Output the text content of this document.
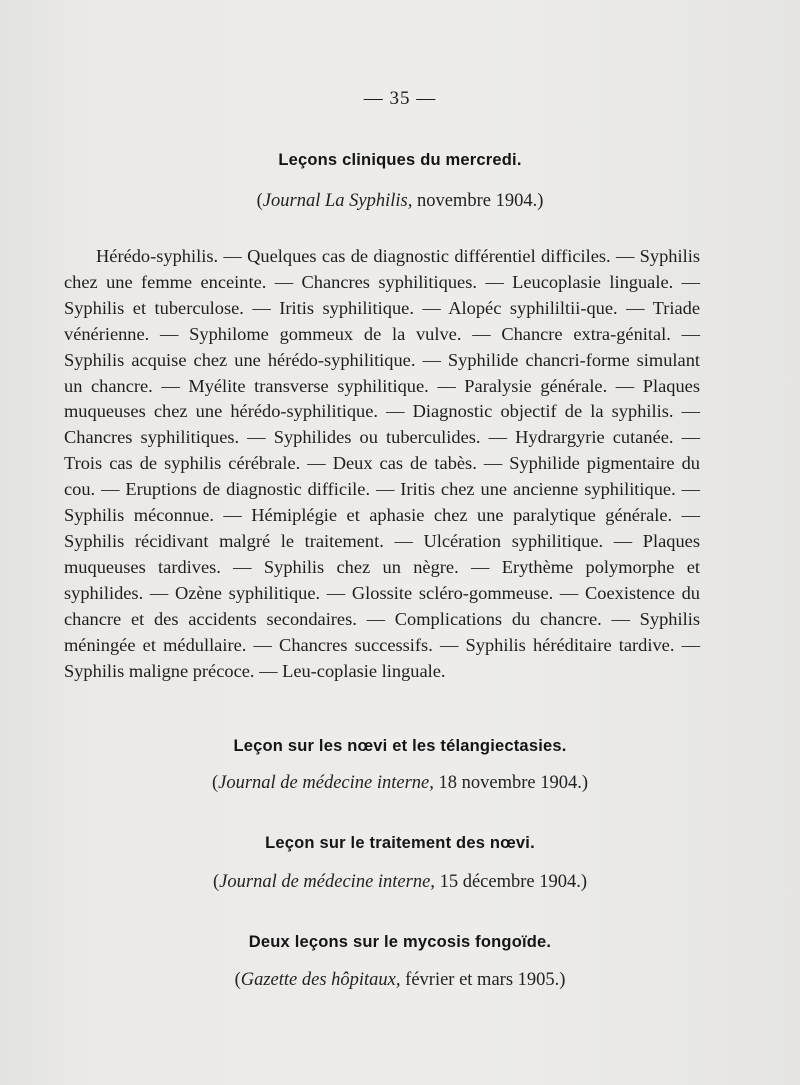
— 35 —
Leçons cliniques du mercredi.
(Journal La Syphilis, novembre 1904.)

Hérédo-syphilis. — Quelques cas de diagnostic différentiel difficiles. — Syphilis chez une femme enceinte. — Chancres syphilitiques. — Leucoplasie linguale. — Syphilis et tuberculose. — Iritis syphilitique. — Alopéc syphililtii-que. — Triade vénérienne. — Syphilome gommeux de la vulve. — Chancre extra-génital. — Syphilis acquise chez une hérédo-syphilitique. — Syphilide chancri-forme simulant un chancre. — Myélite transverse syphilitique. — Paralysie générale. — Plaques muqueuses chez une hérédo-syphilitique. — Diagnostic objectif de la syphilis. — Chancres syphilitiques. — Syphilides ou tuberculides. — Hydrargyrie cutanée. — Trois cas de syphilis cérébrale. — Deux cas de tabès. — Syphilide pigmentaire du cou. — Eruptions de diagnostic difficile. — Iritis chez une ancienne syphilitique. — Syphilis méconnue. — Hémiplégie et aphasie chez une paralytique générale. — Syphilis récidivant malgré le traitement. — Ulcération syphilitique. — Plaques muqueuses tardives. — Syphilis chez un nègre. — Erythème polymorphe et syphilides. — Ozène syphilitique. — Glossite scléro-gommeuse. — Coexistence du chancre et des accidents secondaires. — Complications du chancre. — Syphilis méningée et médullaire. — Chancres successifs. — Syphilis héréditaire tardive. — Syphilis maligne précoce. — Leu-coplasie linguale.

Leçon sur les nœvi et les télangiectasies.
(Journal de médecine interne, 18 novembre 1904.)
Leçon sur le traitement des nœvi.
(Journal de médecine interne, 15 décembre 1904.)
Deux leçons sur le mycosis fongoïde.
(Gazette des hôpitaux, février et mars 1905.)
